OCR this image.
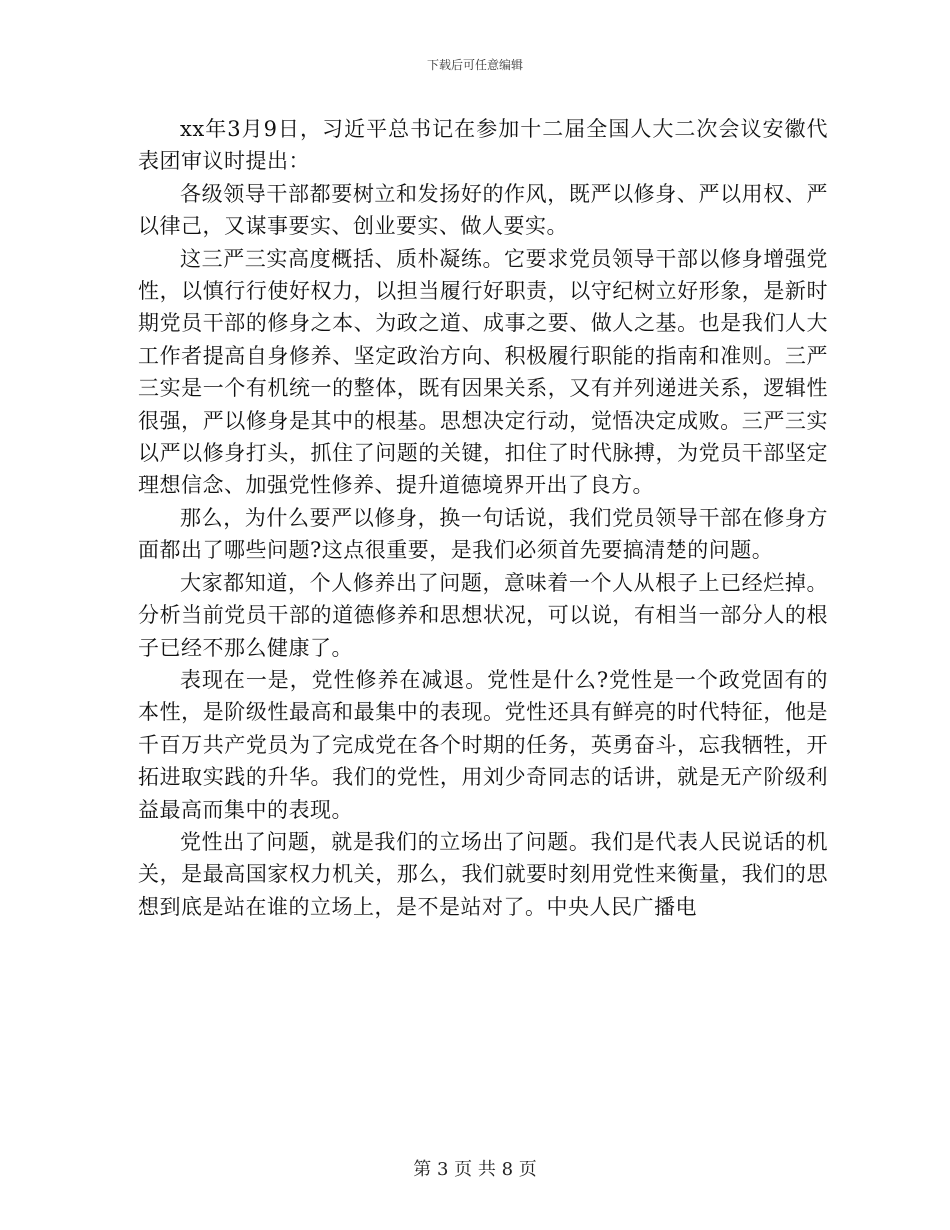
下载后可任意编辑

xx年3月9日，习近平总书记在参加十二届全国人大二次会议安徽代表团审议时提出：

各级领导干部都要树立和发扬好的作风，既严以修身、严以用权、严以律己，又谋事要实、创业要实、做人要实。

这三严三实高度概括、质朴凝练。它要求党员领导干部以修身增强党性，以慎行行使好权力，以担当履行好职责，以守纪树立好形象，是新时期党员干部的修身之本、为政之道、成事之要、做人之基。也是我们人大工作者提高自身修养、坚定政治方向、积极履行职能的指南和准则。三严三实是一个有机统一的整体，既有因果关系，又有并列递进关系，逻辑性很强，严以修身是其中的根基。思想决定行动，觉悟决定成败。三严三实以严以修身打头，抓住了问题的关键，扣住了时代脉搏，为党员干部坚定理想信念、加强党性修养、提升道德境界开出了良方。

那么，为什么要严以修身，换一句话说，我们党员领导干部在修身方面都出了哪些问题?这点很重要，是我们必须首先要搞清楚的问题。

大家都知道，个人修养出了问题，意味着一个人从根子上已经烂掉。分析当前党员干部的道德修养和思想状况，可以说，有相当一部分人的根子已经不那么健康了。

表现在一是，党性修养在减退。党性是什么?党性是一个政党固有的本性，是阶级性最高和最集中的表现。党性还具有鲜亮的时代特征，他是千百万共产党员为了完成党在各个时期的任务，英勇奋斗，忘我牺牲，开拓进取实践的升华。我们的党性，用刘少奇同志的话讲，就是无产阶级利益最高而集中的表现。

党性出了问题，就是我们的立场出了问题。我们是代表人民说话的机关，是最高国家权力机关，那么，我们就要时刻用党性来衡量，我们的思想到底是站在谁的立场上，是不是站对了。中央人民广播电

第 3 页 共 8 页
